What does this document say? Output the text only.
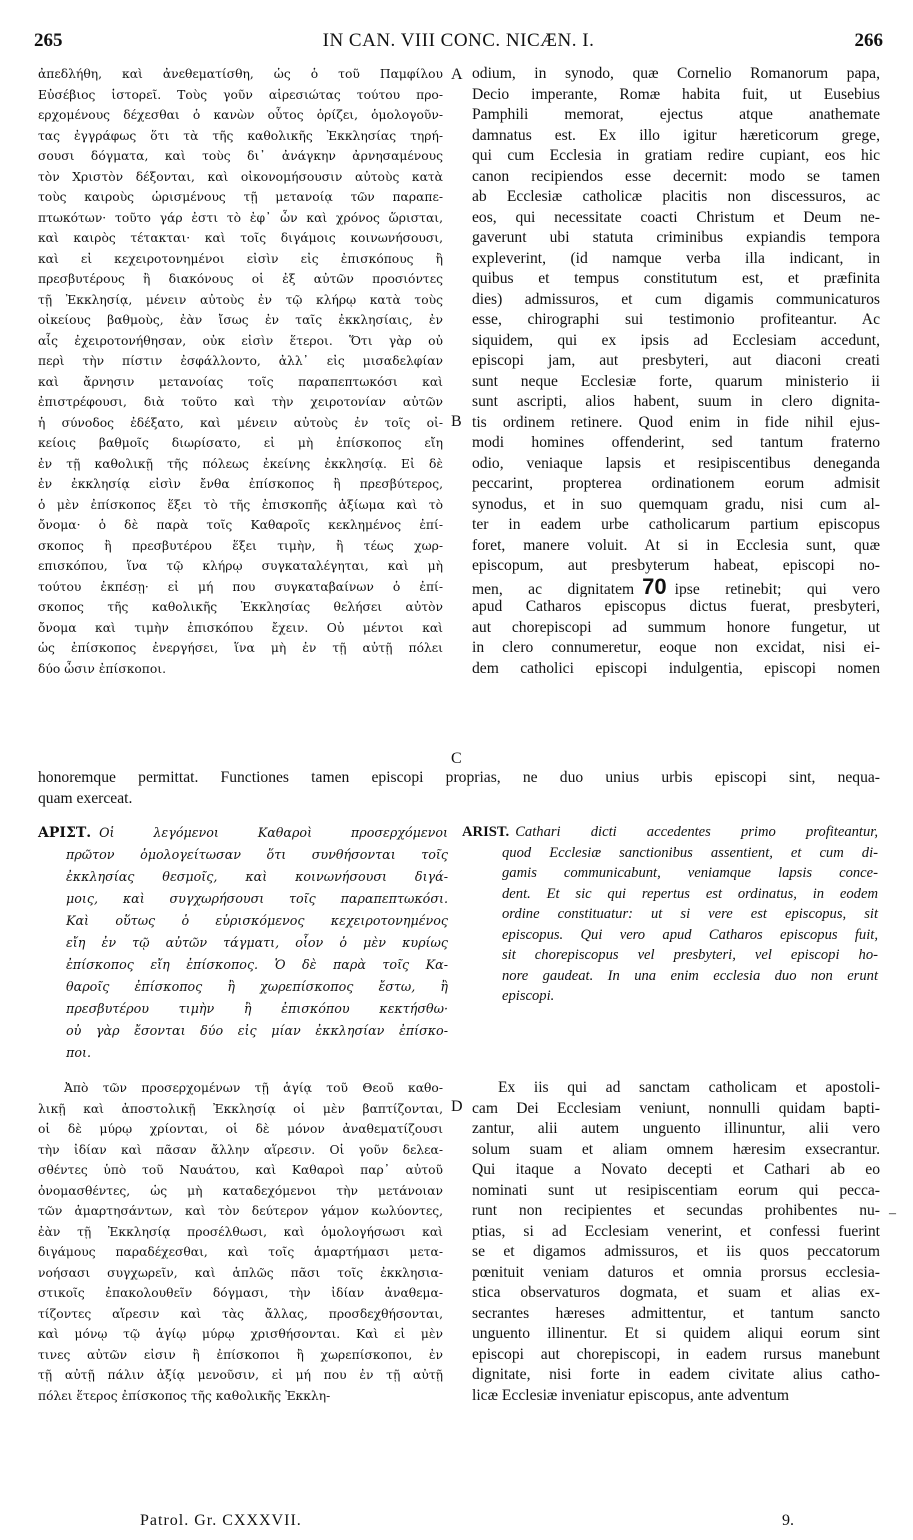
265	IN CAN. VIII CONC. NICÆN. I.	266
A
B
C
D
ἀπεδλήθη, καὶ ἀνεθεματίσθη, ὡς ὁ τοῦ Παμφίλου
Εὐσέβιος ἱστορεῖ. Τοὺς γοῦν αἱρεσιώτας τούτου προ-
ερχομένους δέχεσθαι ὁ κανὼν οὗτος ὁρίζει, ὁμολογοῦν-
τας ἐγγράφως ὅτι τὰ τῆς καθολικῆς Ἐκκλησίας τηρή-
σουσι δόγματα, καὶ τοὺς δι᾿ ἀνάγκην ἀρνησαμένους
τὸν Χριστὸν δέξονται, καὶ οἰκονομήσουσιν αὐτοὺς κατὰ
τοὺς καιροὺς ὡρισμένους τῇ μετανοίᾳ τῶν παραπε-
πτωκότων· τοῦτο γάρ ἐστι τὸ ἐφ᾿ ὧν καὶ χρόνος ὥρισται,
καὶ καιρὸς τέτακται· καὶ τοῖς διγάμοις κοινωνήσουσι,
καὶ εἰ κεχειροτονημένοι εἰσὶν εἰς ἐπισκόπους ἢ
πρεσβυτέρους ἢ διακόνους οἱ ἐξ αὐτῶν προσιόντες
τῇ Ἐκκλησίᾳ, μένειν αὐτοὺς ἐν τῷ κλήρῳ κατὰ τοὺς
οἰκείους βαθμοὺς, ἐὰν ἴσως ἐν ταῖς ἐκκλησίαις, ἐν
αἷς ἐχειροτονήθησαν, οὐκ εἰσὶν ἕτεροι. Ὅτι γὰρ οὐ
περὶ τὴν πίστιν ἐσφάλλοντο, ἀλλ᾿ εἰς μισαδελφίαν
καὶ ἄρνησιν μετανοίας τοῖς παραπεπτωκόσι καὶ
ἐπιστρέφουσι, διὰ τοῦτο καὶ τὴν χειροτονίαν αὐτῶν
ἡ σύνοδος ἐδέξατο, καὶ μένειν αὐτοὺς ἐν τοῖς οἰ-
κείοις βαθμοῖς διωρίσατο, εἰ μὴ ἐπίσκοπος εἴη
ἐν τῇ καθολικῇ τῆς πόλεως ἐκείνης ἐκκλησίᾳ. Εἰ δὲ
ἐν ἐκκλησίᾳ εἰσὶν ἔνθα ἐπίσκοπος ἢ πρεσβύτερος,
ὁ μὲν ἐπίσκοπος ἕξει τὸ τῆς ἐπισκοπῆς ἀξίωμα καὶ τὸ
ὄνομα· ὁ δὲ παρὰ τοῖς Καθαροῖς κεκλημένος ἐπί-
σκοπος ἢ πρεσβυτέρου ἕξει τιμὴν, ἢ τέως χωρ-
επισκόπου, ἵνα τῷ κλήρῳ συγκαταλέγηται, καὶ μὴ
τούτου ἐκπέσῃ· εἰ μή που συγκαταβαίνων ὁ ἐπί-
σκοπος τῆς καθολικῆς Ἐκκλησίας θελήσει αὐτὸν
ὄνομα καὶ τιμὴν ἐπισκόπου ἔχειν. Οὐ μέντοι καὶ
ὡς ἐπίσκοπος ἐνεργήσει, ἵνα μὴ ἐν τῇ αὐτῇ πόλει
δύο ὦσιν ἐπίσκοποι.
odium, in synodo, quæ Cornelio Romanorum papa,
Decio imperante, Romæ habita fuit, ut Eusebius
Pamphili memorat, ejectus atque anathemate
damnatus est. Ex illo igitur hæreticorum grege,
qui cum Ecclesia in gratiam redire cupiant, eos hic
canon recipiendos esse decernit: modo se tamen
ab Ecclesiæ catholicæ placitis non discessuros, ac
eos, qui necessitate coacti Christum et Deum ne-
gaverunt ubi statuta criminibus expiandis tempora
expleverint, (id namque verba illa indicant, in
quibus et tempus constitutum est, et præfinita
dies) admissuros, et cum digamis communicaturos
esse, chirographi sui testimonio profiteantur. Ac
siquidem, qui ex ipsis ad Ecclesiam accedunt,
episcopi jam, aut presbyteri, aut diaconi creati
sunt neque Ecclesiæ forte, quarum ministerio ii
sunt ascripti, alios habent, suum in clero dignita-
tis ordinem retinere. Quod enim in fide nihil ejus-
modi homines offenderint, sed tantum fraterno
odio, veniaque lapsis et resipiscentibus deneganda
peccarint, propterea ordinationem eorum admisit
synodus, et in suo quemquam gradu, nisi cum al-
ter in eadem urbe catholicarum partium episcopus
foret, manere voluit. At si in Ecclesia sunt, quæ
episcopum, aut presbyterum habeat, episcopi no-
men, ac dignitatem 70 ipse retinebit; qui vero
apud Catharos episcopus dictus fuerat, presbyteri,
aut chorepiscopi ad summum honore fungetur, ut
in clero connumeretur, eoque non excidat, nisi ei-
dem catholici episcopi indulgentia, episcopi nomen
honoremque permittat. Functiones tamen episcopi proprias, ne duo unius urbis episcopi sint, nequa-
quam exerceat.
ΑΡΙΣΤ. Οἱ λεγόμενοι Καθαροὶ προσερχόμενοι
πρῶτον ὁμολογείτωσαν ὅτι συνθήσονται τοῖς
ἐκκλησίας θεσμοῖς, καὶ κοινωνήσουσι διγά-
μοις, καὶ συγχωρήσουσι τοῖς παραπεπτωκόσι.
Καὶ οὕτως ὁ εὑρισκόμενος κεχειροτονημένος
εἴη ἐν τῷ αὐτῶν τάγματι, οἷον ὁ μὲν κυρίως
ἐπίσκοπος εἴη ἐπίσκοπος. Ὁ δὲ παρὰ τοῖς Κα-
θαροῖς ἐπίσκοπος ἢ χωρεπίσκοπος ἔστω, ἢ
πρεσβυτέρου τιμὴν ἢ ἐπισκόπου κεκτήσθω·
οὐ γὰρ ἔσονται δύο εἰς μίαν ἐκκλησίαν ἐπίσκο-
ποι.
ARIST. Cathari dicti accedentes primo profiteantur,
quod Ecclesiæ sanctionibus assentient, et cum di-
gamis communicabunt, veniamque lapsis conce-
dent. Et sic qui repertus est ordinatus, in eodem
ordine constituatur: ut si vere est episcopus, sit
episcopus. Qui vero apud Catharos episcopus fuit,
sit chorepiscopus vel presbyteri, vel episcopi ho-
nore gaudeat. In una enim ecclesia duo non erunt
episcopi.
Ἀπὸ τῶν προσερχομένων τῇ ἁγίᾳ τοῦ Θεοῦ καθο-
λικῇ καὶ ἀποστολικῇ Ἐκκλησίᾳ οἱ μὲν βαπτίζονται,
οἱ δὲ μύρῳ χρίονται, οἱ δὲ μόνον ἀναθεματίζουσι
τὴν ἰδίαν καὶ πᾶσαν ἄλλην αἵρεσιν. Οἱ γοῦν δελεα-
σθέντες ὑπὸ τοῦ Ναυάτου, καὶ Καθαροὶ παρ᾿ αὐτοῦ
ὀνομασθέντες, ὡς μὴ καταδεχόμενοι τὴν μετάνοιαν
τῶν ἁμαρτησάντων, καὶ τὸν δεύτερον γάμον κωλύοντες,
ἐὰν τῇ Ἐκκλησίᾳ προσέλθωσι, καὶ ὁμολογήσωσι καὶ
διγάμους παραδέχεσθαι, καὶ τοῖς ἁμαρτήμασι μετα-
νοήσασι συγχωρεῖν, καὶ ἁπλῶς πᾶσι τοῖς ἐκκλησια-
στικοῖς ἐπακολουθεῖν δόγμασι, τὴν ἰδίαν ἀναθεμα-
τίζοντες αἵρεσιν καὶ τὰς ἄλλας, προσδεχθήσονται,
καὶ μόνῳ τῷ ἁγίῳ μύρῳ χρισθήσονται. Καὶ εἰ μὲν
τινες αὐτῶν εἰσιν ἢ ἐπίσκοποι ἢ χωρεπίσκοποι, ἐν
τῇ αὐτῇ πάλιν ἀξίᾳ μενοῦσιν, εἰ μή που ἐν τῇ αὐτῇ
πόλει ἕτερος ἐπίσκοπος τῆς καθολικῆς Ἐκκλη-
Ex iis qui ad sanctam catholicam et apostoli-
cam Dei Ecclesiam veniunt, nonnulli quidam bapti-
zantur, alii autem unguento illinuntur, alii vero
solum suam et aliam omnem hæresim exsecrantur.
Qui itaque a Novato decepti et Cathari ab eo
nominati sunt ut resipiscentiam eorum qui pecca-
runt non recipientes et secundas prohibentes nu-
ptias, si ad Ecclesiam venerint, et confessi fuerint
se et digamos admissuros, et iis quos peccatorum
pœnituit veniam daturos et omnia prorsus ecclesia-
stica observaturos dogmata, et suam et alias ex-
secrantes hæreses admittentur, et tantum sancto
unguento illinentur. Et si quidem aliqui eorum sint
episcopi aut chorepiscopi, in eadem rursus manebunt
dignitate, nisi forte in eadem civitate alius catho-
licæ Ecclesiæ inveniatur episcopus, ante adventum
–
Patrol. Gr. CXXXVII.	9.
